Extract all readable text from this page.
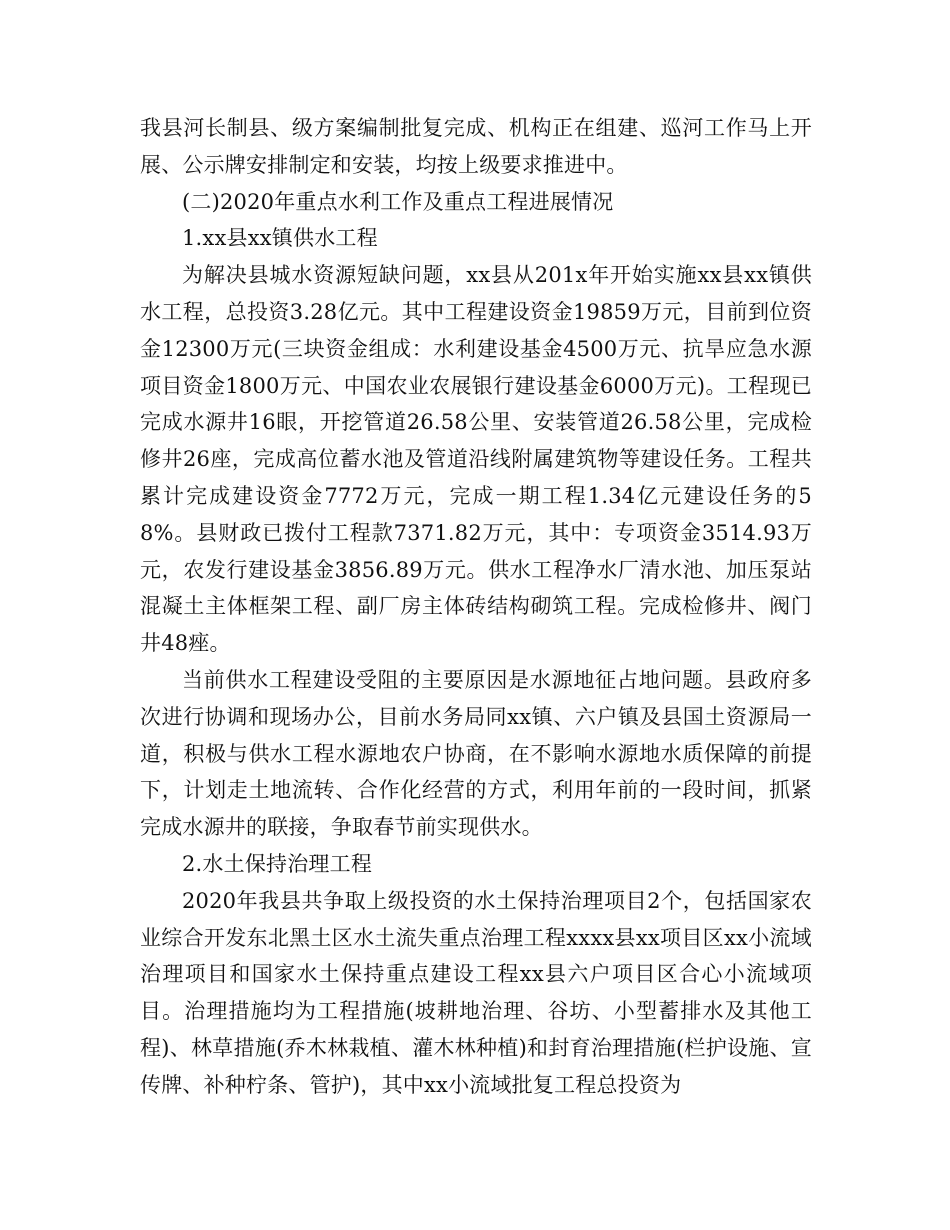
我县河长制县、级方案编制批复完成、机构正在组建、巡河工作马上开展、公示牌安排制定和安装，均按上级要求推进中。

(二)2020年重点水利工作及重点工程进展情况

1.xx县xx镇供水工程

为解决县城水资源短缺问题，xx县从201x年开始实施xx县xx镇供水工程，总投资3.28亿元。其中工程建设资金19859万元，目前到位资金12300万元(三块资金组成：水利建设基金4500万元、抗旱应急水源项目资金1800万元、中国农业农展银行建设基金6000万元)。工程现已完成水源井16眼，开挖管道26.58公里、安装管道26.58公里，完成检修井26座，完成高位蓄水池及管道沿线附属建筑物等建设任务。工程共累计完成建设资金7772万元，完成一期工程1.34亿元建设任务的58%。县财政已拨付工程款7371.82万元，其中：专项资金3514.93万元，农发行建设基金3856.89万元。供水工程净水厂清水池、加压泵站混凝土主体框架工程、副厂房主体砖结构砌筑工程。完成检修井、阀门井48痤。

当前供水工程建设受阻的主要原因是水源地征占地问题。县政府多次进行协调和现场办公，目前水务局同xx镇、六户镇及县国土资源局一道，积极与供水工程水源地农户协商，在不影响水源地水质保障的前提下，计划走土地流转、合作化经营的方式，利用年前的一段时间，抓紧完成水源井的联接，争取春节前实现供水。

2.水土保持治理工程

2020年我县共争取上级投资的水土保持治理项目2个，包括国家农业综合开发东北黑土区水土流失重点治理工程xxxx县xx项目区xx小流域治理项目和国家水土保持重点建设工程xx县六户项目区合心小流域项目。治理措施均为工程措施(坡耕地治理、谷坊、小型蓄排水及其他工程)、林草措施(乔木林栽植、灌木林种植)和封育治理措施(栏护设施、宣传牌、补种柠条、管护)，其中xx小流域批复工程总投资为
